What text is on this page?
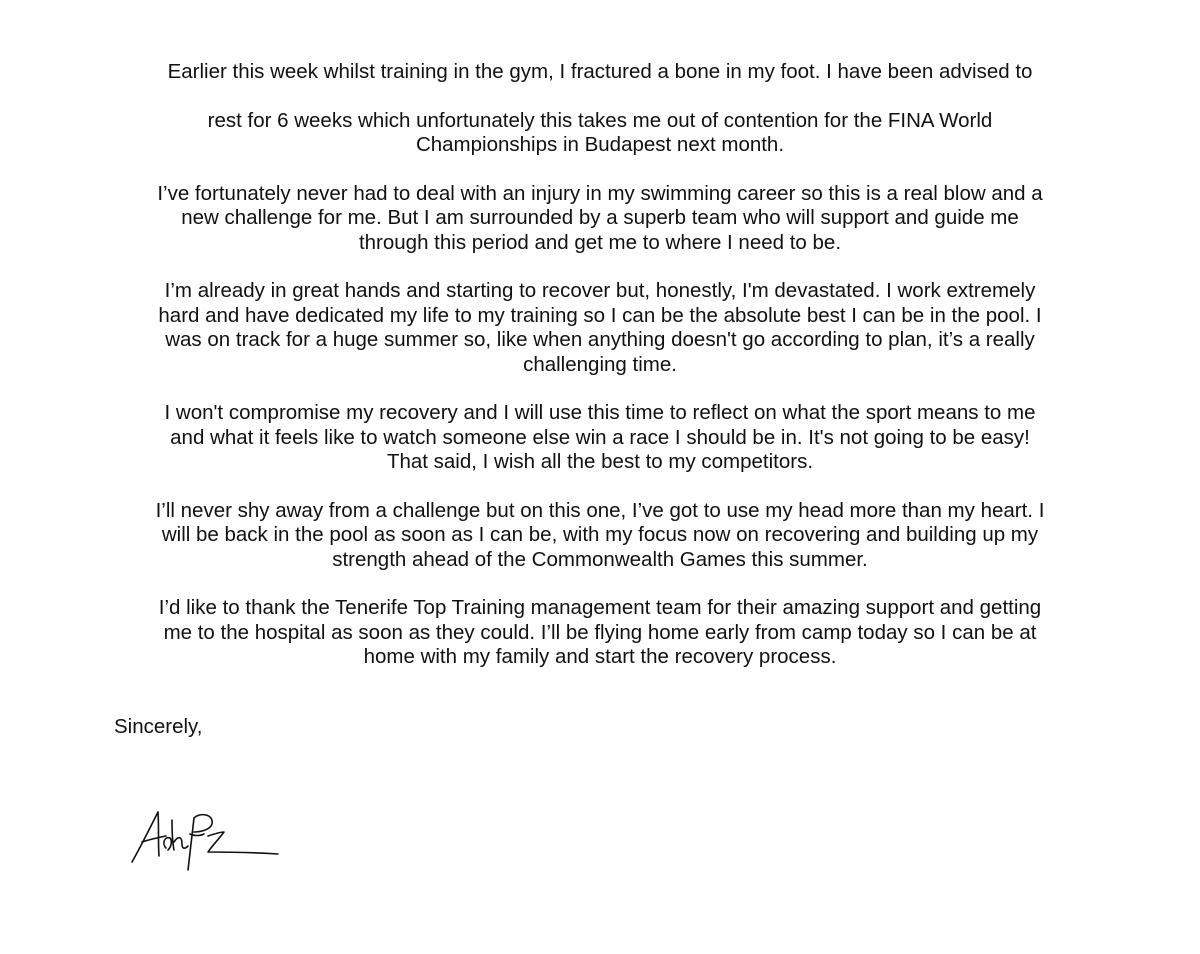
Earlier this week whilst training in the gym, I fractured a bone in my foot. I have been advised to
rest for 6 weeks which unfortunately this takes me out of contention for the FINA World
Championships in Budapest next month.
I’ve fortunately never had to deal with an injury in my swimming career so this is a real blow and a
new challenge for me. But I am surrounded by a superb team who will support and guide me
through this period and get me to where I need to be.
I’m already in great hands and starting to recover but, honestly, I'm devastated. I work extremely
hard and have dedicated my life to my training so I can be the absolute best I can be in the pool. I
was on track for a huge summer so, like when anything doesn't go according to plan, it’s a really
challenging time.
I won't compromise my recovery and I will use this time to reflect on what the sport means to me
and what it feels like to watch someone else win a race I should be in. It's not going to be easy!
That said, I wish all the best to my competitors.
I’ll never shy away from a challenge but on this one, I’ve got to use my head more than my heart. I
will be back in the pool as soon as I can be, with my focus now on recovering and building up my
strength ahead of the Commonwealth Games this summer.
I’d like to thank the Tenerife Top Training management team for their amazing support and getting
me to the hospital as soon as they could. I’ll be flying home early from camp today so I can be at
home with my family and start the recovery process.

Sincerely,
